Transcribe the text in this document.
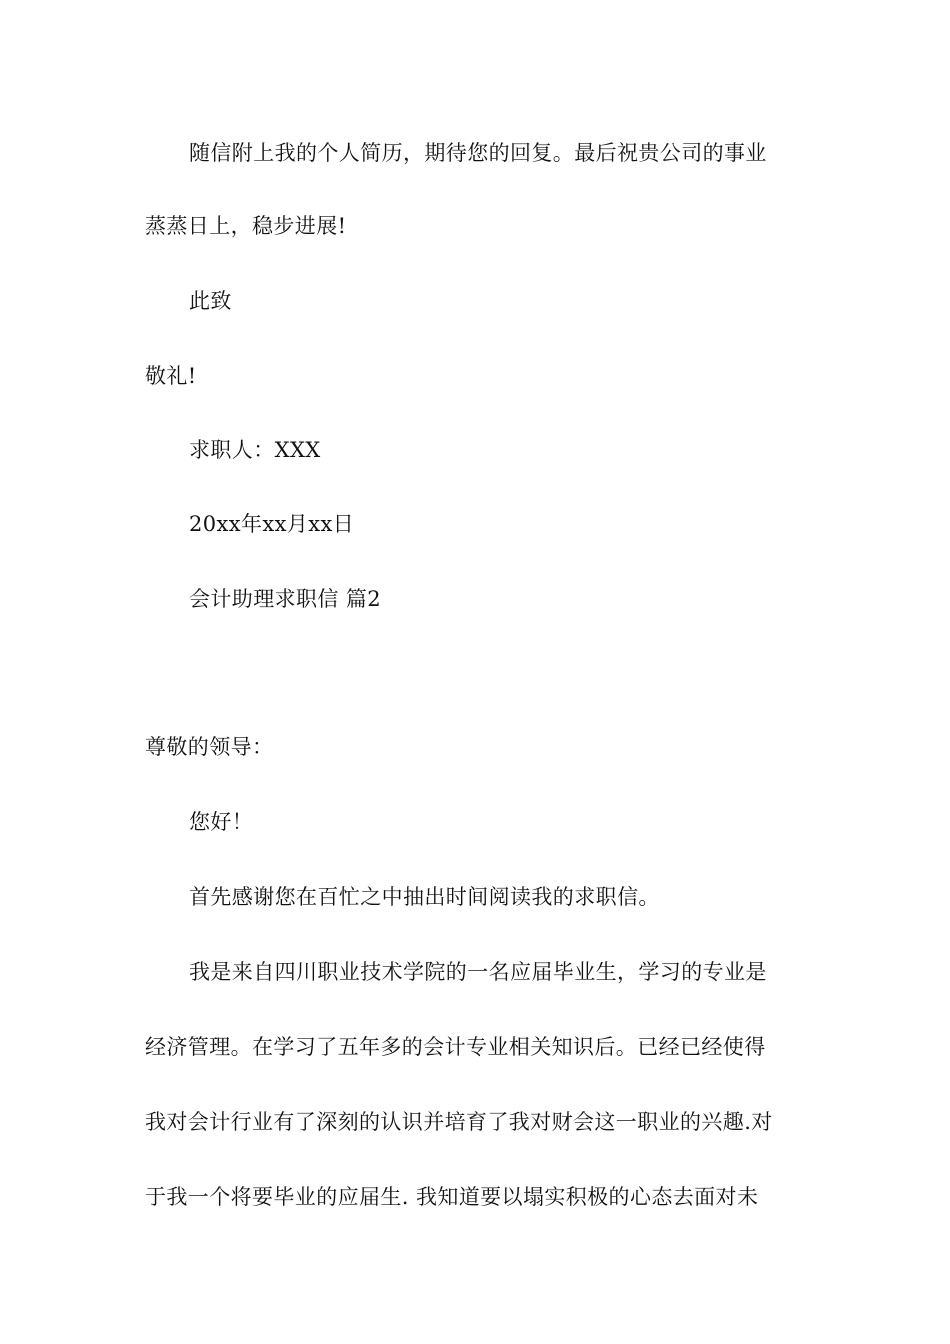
随信附上我的个人简历，期待您的回复。最后祝贵公司的事业
蒸蒸日上，稳步进展!
此致
敬礼!
求职人：XXX
20xx年xx月xx日
会计助理求职信 篇2
尊敬的领导：
您好！
首先感谢您在百忙之中抽出时间阅读我的求职信。
我是来自四川职业技术学院的一名应届毕业生，学习的专业是
经济管理。在学习了五年多的会计专业相关知识后。已经已经使得
我对会计行业有了深刻的认识并培育了我对财会这一职业的兴趣.对
于我一个将要毕业的应届生. 我知道要以塌实积极的心态去面对未
